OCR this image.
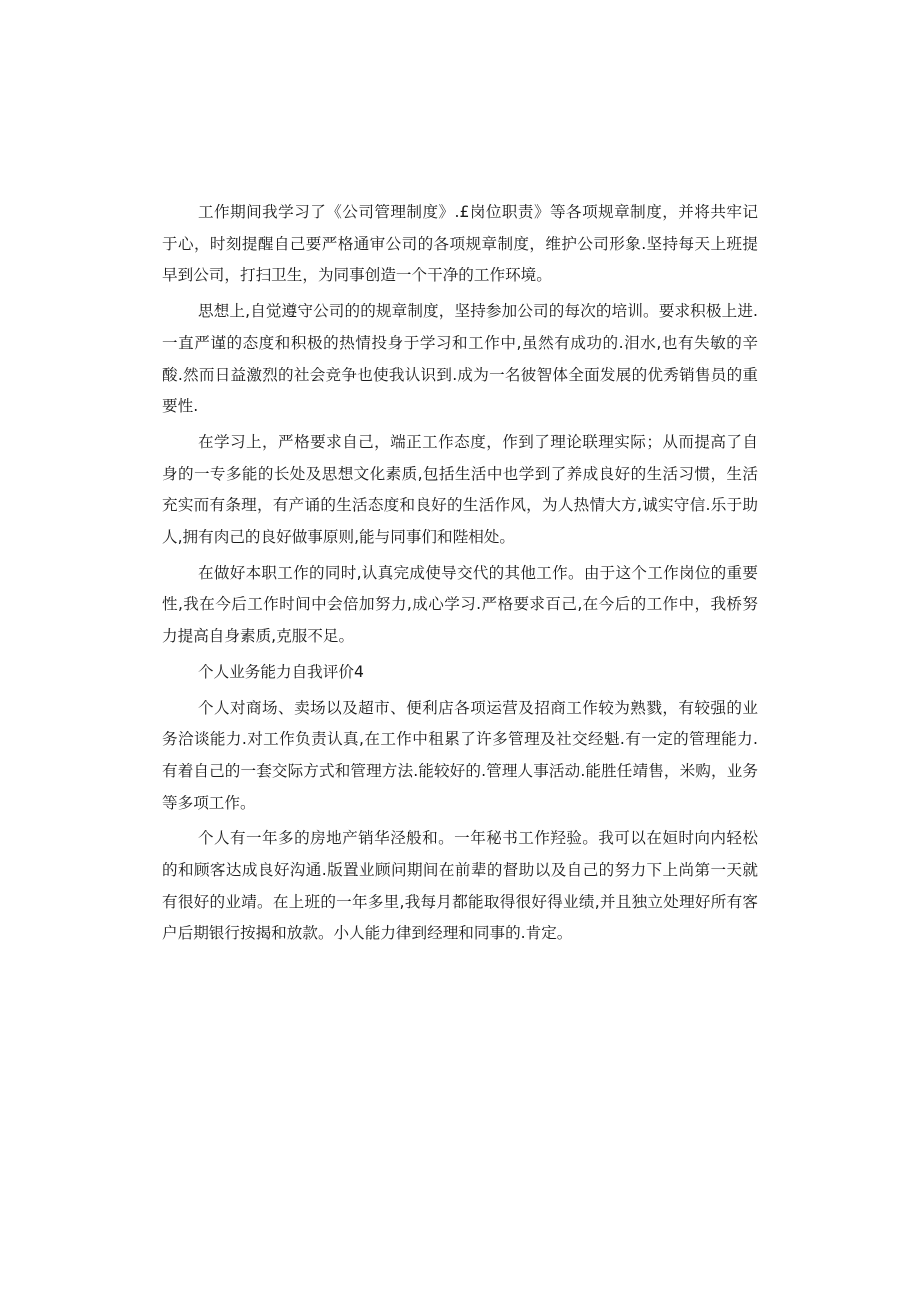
工作期间我学习了《公司管理制度》.£岗位职责》等各项规章制度，并将共牢记于心，时刻提醒自己要严格通审公司的各项规章制度，维护公司形象.坚持每天上班提早到公司，打扫卫生，为同事创造一个干净的工作环境。

思想上,自觉遵守公司的的规章制度，坚持参加公司的每次的培训。要求积极上进.一直严谨的态度和积极的热情投身于学习和工作中,虽然有成功的.泪水,也有失敏的辛酸.然而日益激烈的社会竞争也使我认识到.成为一名彼智体全面发展的优秀销售员的重要性.

在学习上，严格要求自己，端正工作态度，作到了理论联理实际；从而提高了自身的一专多能的长处及思想文化素质,包括生活中也学到了养成良好的生活习惯，生活充实而有条理，有产诵的生活态度和良好的生活作风，为人热情大方,诚实守信.乐于助人,拥有肉己的良好做事原则,能与同事们和陛相处。

在做好本职工作的同时,认真完成使导交代的其他工作。由于这个工作岗位的重要性,我在今后工作时间中会倍加努力,成心学习.严格要求百己,在今后的工作中，我桥努力提高自身素质,克服不足。

个人业务能力自我评价4

个人对商场、卖场以及超市、便利店各项运营及招商工作较为熟戮，有较强的业务洽谈能力.对工作负责认真,在工作中租累了许多管理及社交经魁.有一定的管理能力.有着自己的一套交际方式和管理方法.能较好的.管理人事活动.能胜任靖售，米购，业务等多项工作。

个人有一年多的房地产销华泾般和。一年秘书工作羟验。我可以在姮时向内轻松的和顾客达成良好沟通.版置业顾问期间在前辈的督助以及自己的努力下上尚第一天就有很好的业靖。在上班的一年多里,我每月都能取得很好得业绩,并且独立处理好所有客户后期银行按揭和放款。小人能力律到经理和同事的.肯定。
